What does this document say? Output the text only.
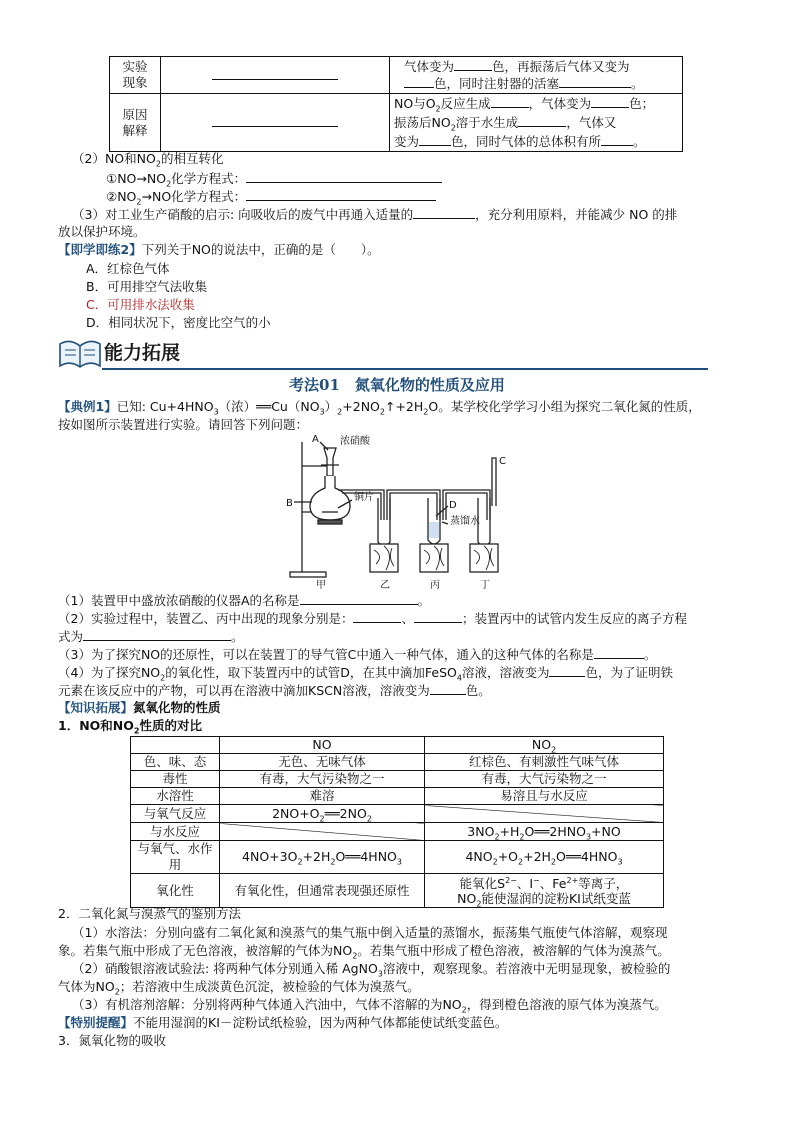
实验
现象		气体变为 色，再振荡后气体又变为
色，同时注射器的活塞 。
原因
解释		NO与$O_2$反应生成 ，气体变为 色；
振荡后$NO_2$溶于水生成 ，气体又
变为 色，同时气体的总体积有所 。
（2）NO和$NO_2$的相互转化
$①NO\to NO_2$化学方程式：
$②NO_2\to NO$化学方程式：
（3）对工业生产硝酸的启示: 向吸收后的废气中再通入适量的	，充分利用原料，并能减少 NO 的排
放以保护环境。
【即学即练2】下列关于NO的说法中，正确的是（　　）。
A．红棕色气体
B．可用排空气法收集
C．可用排水法收集
D．相同状况下，密度比空气的小
能力拓展
考法01　氮氧化物的性质及应用
【典例1】已知: $Cu+4HNO_3$（浓）$══Cu(NO_3)_2+2NO_2↑+2H_2O$。某学校化学学习小组为探究二氧化氮的性质，
按如图所示装置进行实验。请回答下列问题：
A 浓硝酸
B
铜片
C
D
蒸馏水
甲	乙	丙	丁
（1）装置甲中盛放浓硝酸的仪器A的名称是	。
（2）实验过程中，装置乙、丙中出现的现象分别是：	、	；装置丙中的试管内发生反应的离子方程
式为	。
（3）为了探究NO的还原性，可以在装置丁的导气管C中通入一种气体，通入的这种气体的名称是	。
（4）为了探究$NO_2$的氧化性，取下装置丙中的试管D，在其中滴加FeSO$_4$溶液，溶液变为	色，为了证明铁
元素在该反应中的产物，可以再在溶液中滴加KSCN溶液，溶液变为	色。
【知识拓展】氮氧化物的性质
1．NO和$NO_2$性质的对比
	NO	$NO_2$
色、味、态	无色、无味气体	红棕色、有刺激性气味气体
毒性	有毒，大气污染物之一	有毒，大气污染物之一
水溶性	难溶	易溶且与水反应
与氧气反应	$2NO+O_2══2NO_2$	
与水反应		$3NO_2+H_2O══2HNO_3+NO$
与氧气、水作用	$4NO+3O_2+2H_2O══4HNO_3$	$4NO_2+O_2+2H_2O══4HNO_3$
氧化性	有氧化性，但通常表现强还原性	能氧化$S^{2-}$、I−、$Fe^{2+}$等离子，
$NO_2$能使湿润的淀粉KI试纸变蓝
2．二氧化氮与溴蒸气的鉴别方法
（1）水溶法：分别向盛有二氧化氮和溴蒸气的集气瓶中倒入适量的蒸馏水，振荡集气瓶使气体溶解，观察现
象。若集气瓶中形成了无色溶液，被溶解的气体为$NO_2$。若集气瓶中形成了橙色溶液，被溶解的气体为溴蒸气。
（2）硝酸银溶液试验法: 将两种气体分别通入稀 AgNO$_3$溶液中，观察现象。若溶液中无明显现象，被检验的
气体为$NO_2$；若溶液中生成淡黄色沉淀，被检验的气体为溴蒸气。
（3）有机溶剂溶解：分别将两种气体通入汽油中，气体不溶解的为$NO_2$，得到橙色溶液的原气体为溴蒸气。
【特别提醒】不能用湿润的KI－淀粉试纸检验，因为两种气体都能使试纸变蓝色。
3．氮氧化物的吸收
